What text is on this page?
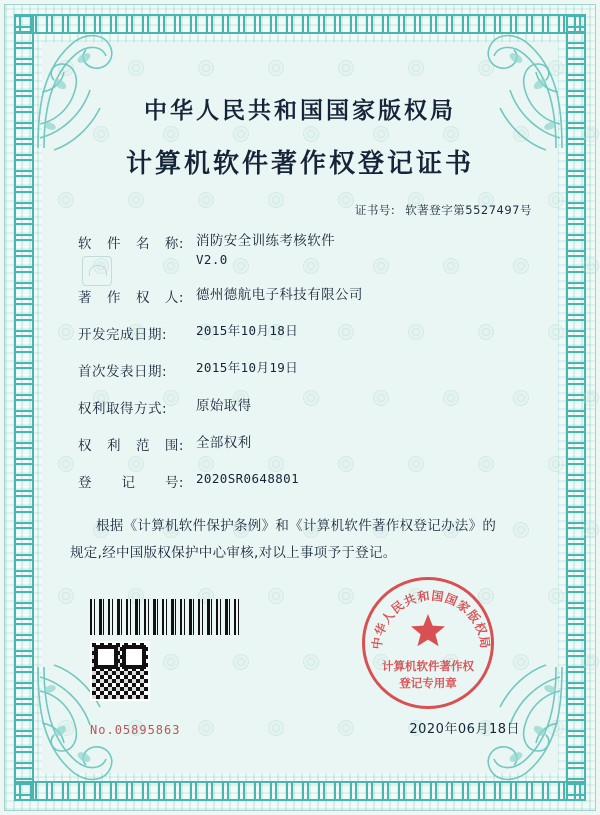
中华人民共和国国家版权局
计算机软件著作权登记证书
证书号: 软著登字第5527497号
软 件 名 称: 消防安全训练考核软件
V2.0
著 作 权 人: 德州德航电子科技有限公司
开发完成日期:	2015年10月18日
首次发表日期:	2015年10月19日
权利取得方式:	原始取得
权 利 范 围: 全部权利
登 记 号: 2020SR0648801
根据《计算机软件保护条例》和《计算机软件著作权登记办法》的
规定,经中国版权保护中心审核,对以上事项予于登记。
No.05895863	2020年06月18日
中华人民共和国国家版权局
计算机软件著作权
登记专用章
